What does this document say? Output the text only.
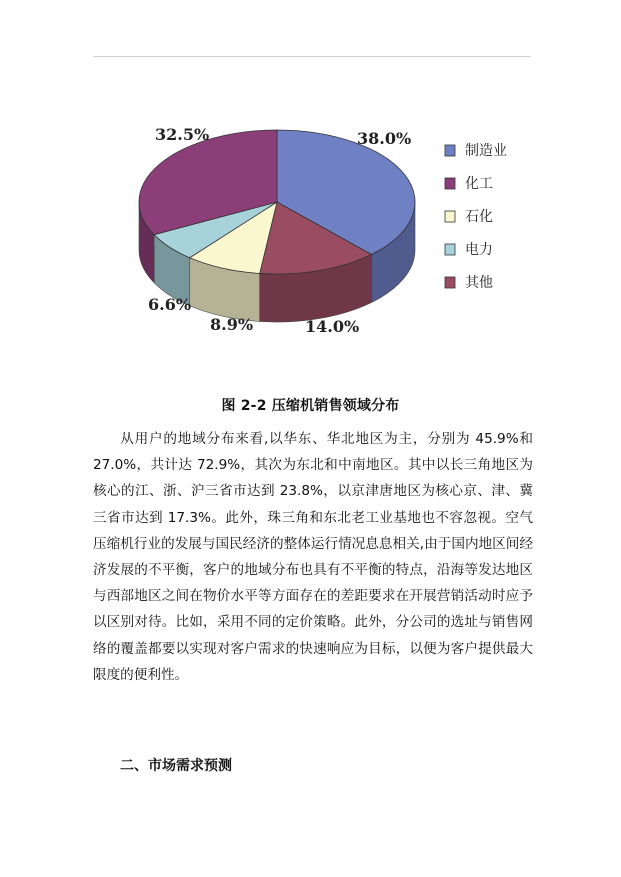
38.0%
14.0%
8.9%
6.6%
32.5%
制造业
化工
石化
电力
其他
图 2-2 压缩机销售领域分布

从用户的地域分布来看,以华东、华北地区为主，分别为 45.9%和 27.0%，共计达 72.9%，其次为东北和中南地区。其中以长三角地区为核心的江、浙、沪三省市达到 23.8%，以京津唐地区为核心京、津、冀三省市达到 17.3%。此外，珠三角和东北老工业基地也不容忽视。空气压缩机行业的发展与国民经济的整体运行情况息息相关,由于国内地区间经济发展的不平衡，客户的地域分布也具有不平衡的特点，沿海等发达地区与西部地区之间在物价水平等方面存在的差距要求在开展营销活动时应予以区别对待。比如，采用不同的定价策略。此外，分公司的选址与销售网络的覆盖都要以实现对客户需求的快速响应为目标，以便为客户提供最大限度的便利性。

二、市场需求预测
